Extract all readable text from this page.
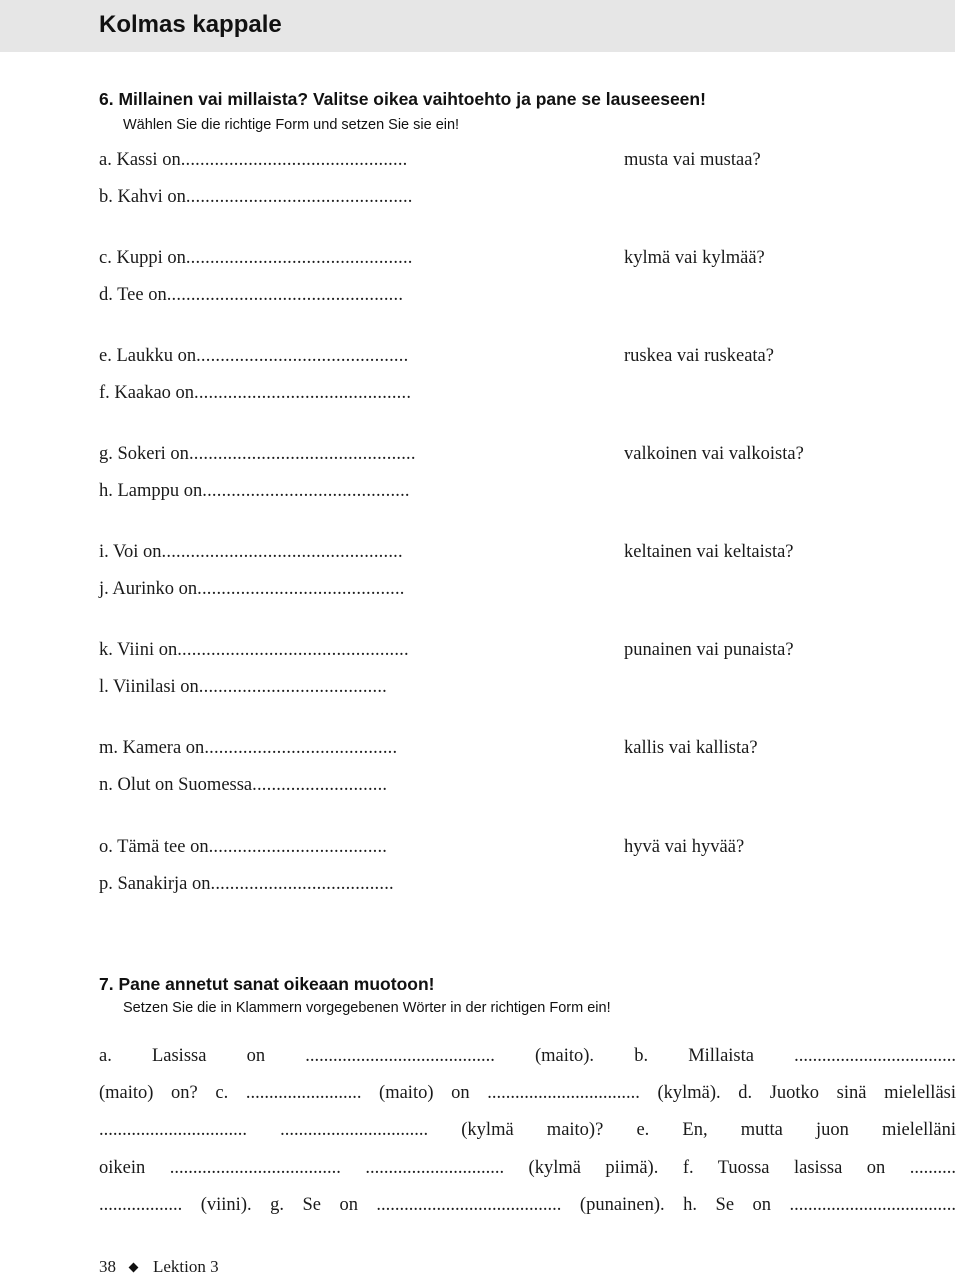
Kolmas kappale
6. Millainen vai millaista? Valitse oikea vaihtoehto ja pane se lauseeseen!
Wählen Sie die richtige Form und setzen Sie sie ein!
a. Kassi on ...............................................
b. Kahvi on ...............................................
c. Kuppi on ...............................................
d. Tee on .................................................
e. Laukku on ............................................
f. Kaakao on .............................................
g. Sokeri on ...............................................
h. Lamppu on ...........................................
i. Voi on ..................................................
j. Aurinko on ...........................................
k. Viini on ................................................
l. Viinilasi on .......................................
m. Kamera on ........................................
n. Olut on Suomessa ............................
o. Tämä tee on .....................................
p. Sanakirja on ......................................
musta vai mustaa?
kylmä vai kylmää?
ruskea vai ruskeata?
valkoinen vai valkoista?
keltainen vai keltaista?
punainen vai punaista?
kallis vai kallista?
hyvä vai hyvää?
7. Pane annetut sanat oikeaan muotoon!
Setzen Sie die in Klammern vorgegebenen Wörter in der richtigen Form ein!
a. Lasissa on ......................................... (maito). b. Millaista ...................................
(maito) on? c. ......................... (maito) on ................................. (kylmä). d. Juotko sinä mielelläsi
................................ ................................ (kylmä maito)? e. En, mutta juon mielelläni
oikein ..................................... .............................. (kylmä piimä). f. Tuossa lasissa on ..........
.................. (viini). g. Se on ........................................ (punainen). h. Se on ....................................
38 Lektion 3
